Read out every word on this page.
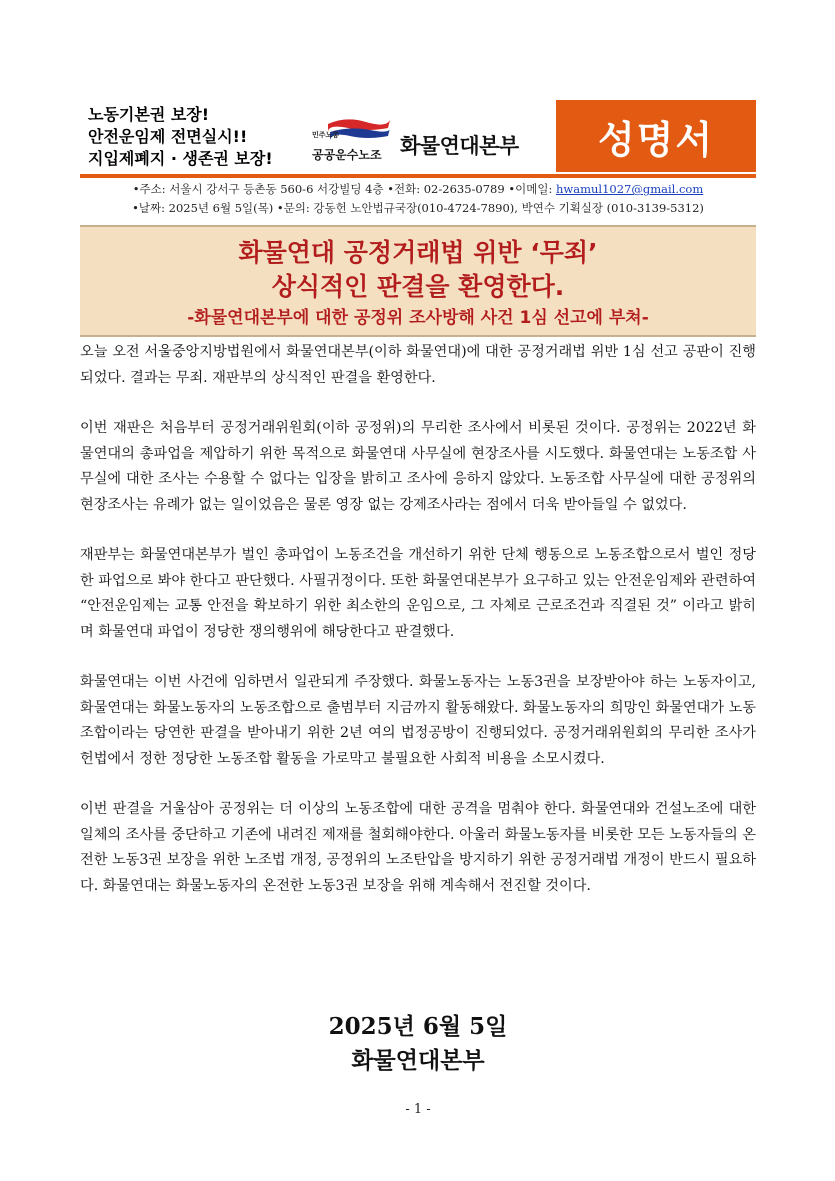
노동기본권 보장!
안전운임제 전면실시!!
지입제폐지 · 생존권 보장!
민주노총
공공운수노조 화물연대본부	성명서
•주소: 서울시 강서구 등촌동 560-6 서강빌딩 4층 •전화: 02-2635-0789 •이메일: hwamul1027@gmail.com
•날짜: 2025년 6월 5일(목) •문의: 강동헌 노안법규국장(010-4724-7890), 박연수 기획실장 (010-3139-5312)
화물연대 공정거래법 위반 ‘무죄’
상식적인 판결을 환영한다.
-화물연대본부에 대한 공정위 조사방해 사건 1심 선고에 부쳐-

오늘 오전 서울중앙지방법원에서 화물연대본부(이하 화물연대)에 대한 공정거래법 위반 1심 선고 공판이 진행되었다. 결과는 무죄. 재판부의 상식적인 판결을 환영한다.

이번 재판은 처음부터 공정거래위원회(이하 공정위)의 무리한 조사에서 비롯된 것이다. 공정위는 2022년 화물연대의 총파업을 제압하기 위한 목적으로 화물연대 사무실에 현장조사를 시도했다. 화물연대는 노동조합 사무실에 대한 조사는 수용할 수 없다는 입장을 밝히고 조사에 응하지 않았다. 노동조합 사무실에 대한 공정위의 현장조사는 유례가 없는 일이었음은 물론 영장 없는 강제조사라는 점에서 더욱 받아들일 수 없었다.

재판부는 화물연대본부가 벌인 총파업이 노동조건을 개선하기 위한 단체 행동으로 노동조합으로서 벌인 정당한 파업으로 봐야 한다고 판단했다. 사필귀정이다. 또한 화물연대본부가 요구하고 있는 안전운임제와 관련하여 “안전운임제는 교통 안전을 확보하기 위한 최소한의 운임으로, 그 자체로 근로조건과 직결된 것” 이라고 밝히며 화물연대 파업이 정당한 쟁의행위에 해당한다고 판결했다.

화물연대는 이번 사건에 임하면서 일관되게 주장했다. 화물노동자는 노동3권을 보장받아야 하는 노동자이고, 화물연대는 화물노동자의 노동조합으로 출범부터 지금까지 활동해왔다. 화물노동자의 희망인 화물연대가 노동조합이라는 당연한 판결을 받아내기 위한 2년 여의 법정공방이 진행되었다. 공정거래위원회의 무리한 조사가 헌법에서 정한 정당한 노동조합 활동을 가로막고 불필요한 사회적 비용을 소모시켰다.

이번 판결을 거울삼아 공정위는 더 이상의 노동조합에 대한 공격을 멈춰야 한다. 화물연대와 건설노조에 대한 일체의 조사를 중단하고 기존에 내려진 제재를 철회해야한다. 아울러 화물노동자를 비롯한 모든 노동자들의 온전한 노동3권 보장을 위한 노조법 개정, 공정위의 노조탄압을 방지하기 위한 공정거래법 개정이 반드시 필요하다. 화물연대는 화물노동자의 온전한 노동3권 보장을 위해 계속해서 전진할 것이다.

2025년 6월 5일
화물연대본부
- 1 -
